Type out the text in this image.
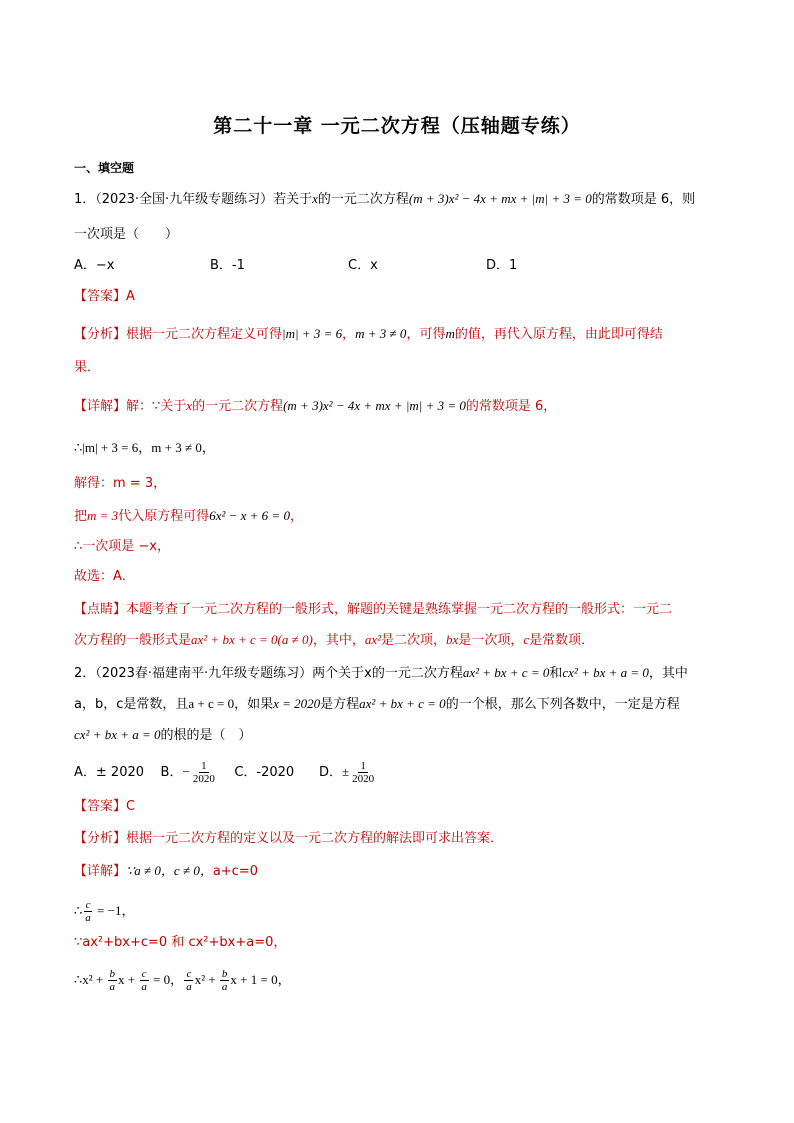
第二十一章 一元二次方程（压轴题专练）
一、填空题
1．（2023·全国·九年级专题练习）若关于x的一元二次方程(m + 3)x² − 4x + mx + |m| + 3 = 0的常数项是 6，则
一次项是（　　）
A．−x	B．-1	C．x	D．1
【答案】A
【分析】根据一元二次方程定义可得|m| + 3 = 6，m + 3 ≠ 0，可得m的值，再代入原方程，由此即可得结
果．
【详解】解：∵关于x的一元二次方程(m + 3)x² − 4x + mx + |m| + 3 = 0的常数项是 6，
∴|m| + 3 = 6，m + 3 ≠ 0，
解得：m = 3，
把m = 3代入原方程可得6x² − x + 6 = 0，
∴一次项是 −x，
故选：A．
【点睛】本题考查了一元二次方程的一般形式，解题的关键是熟练掌握一元二次方程的一般形式：一元二
次方程的一般形式是ax² + bx + c = 0(a ≠ 0)，其中，ax²是二次项，bx是一次项，c是常数项．
2．（2023春·福建南平·九年级专题练习）两个关于x的一元二次方程ax² + bx + c = 0和cx² + bx + a = 0，其中
a，b，c是常数，且a + c = 0，如果x = 2020是方程ax² + bx + c = 0的一个根，那么下列各数中，一定是方程
cx² + bx + a = 0的根的是（　）
A．± 2020 B．− $\frac{1}{2020}$ C．-2020 D．± $\frac{1}{2020}$
【答案】C
【分析】根据一元二次方程的定义以及一元二次方程的解法即可求出答案．
【详解】∵a ≠ 0，c ≠ 0，a+c=0
∴ $\frac{c}{a} = -1$，
∵ax²+bx+c=0 和 cx²+bx+a=0，
∴x² + $\frac{b}{a}$ $x + \frac{c}{a} = 0$， $\frac{c}{a} x^2 + \frac{b}{a}$ x + 1 = 0，
